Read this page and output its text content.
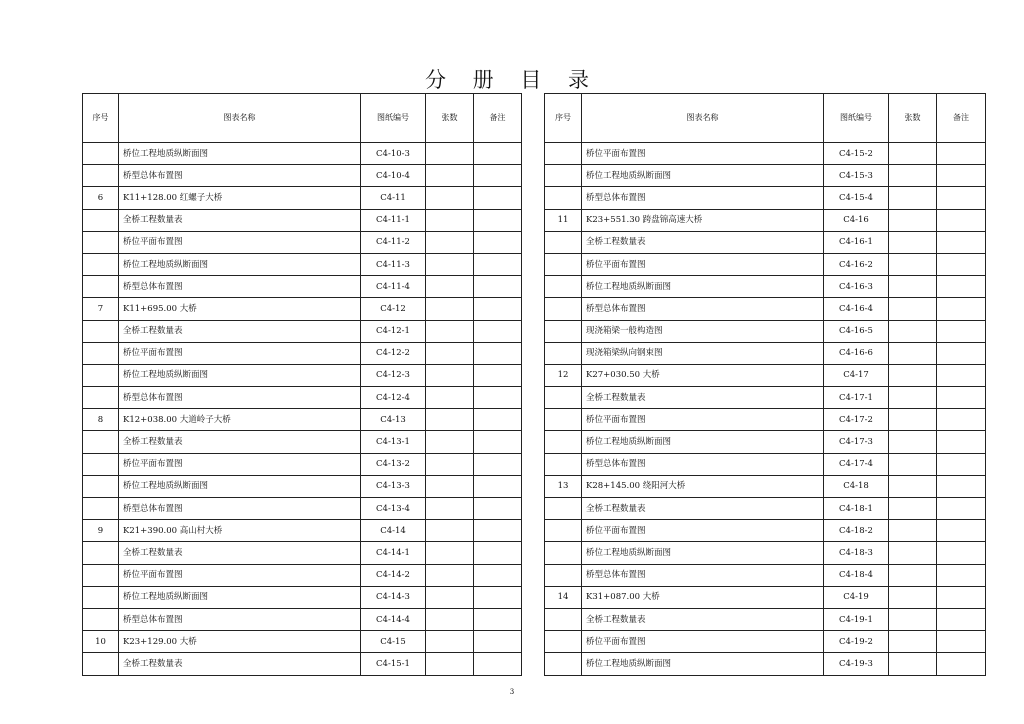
分 册 目 录
序号	图表名称	图纸编号	张数	备注
	桥位工程地质纵断面图	C4-10-3		
	桥型总体布置图	C4-10-4		
6	K11+128.00 红螺子大桥	C4-11		
	全桥工程数量表	C4-11-1		
	桥位平面布置图	C4-11-2		
	桥位工程地质纵断面图	C4-11-3		
	桥型总体布置图	C4-11-4		
7	K11+695.00 大桥	C4-12		
	全桥工程数量表	C4-12-1		
	桥位平面布置图	C4-12-2		
	桥位工程地质纵断面图	C4-12-3		
	桥型总体布置图	C4-12-4		
8	K12+038.00 大道岭子大桥	C4-13		
	全桥工程数量表	C4-13-1		
	桥位平面布置图	C4-13-2		
	桥位工程地质纵断面图	C4-13-3		
	桥型总体布置图	C4-13-4		
9	K21+390.00 高山村大桥	C4-14		
	全桥工程数量表	C4-14-1		
	桥位平面布置图	C4-14-2		
	桥位工程地质纵断面图	C4-14-3		
	桥型总体布置图	C4-14-4		
10	K23+129.00 大桥	C4-15		
	全桥工程数量表	C4-15-1		
序号	图表名称	图纸编号	张数	备注
	桥位平面布置图	C4-15-2		
	桥位工程地质纵断面图	C4-15-3		
	桥型总体布置图	C4-15-4		
11	K23+551.30 跨盘锦高速大桥	C4-16		
	全桥工程数量表	C4-16-1		
	桥位平面布置图	C4-16-2		
	桥位工程地质纵断面图	C4-16-3		
	桥型总体布置图	C4-16-4		
	现浇箱梁一般构造图	C4-16-5		
	现浇箱梁纵向钢束图	C4-16-6		
12	K27+030.50 大桥	C4-17		
	全桥工程数量表	C4-17-1		
	桥位平面布置图	C4-17-2		
	桥位工程地质纵断面图	C4-17-3		
	桥型总体布置图	C4-17-4		
13	K28+145.00 绕阳河大桥	C4-18		
	全桥工程数量表	C4-18-1		
	桥位平面布置图	C4-18-2		
	桥位工程地质纵断面图	C4-18-3		
	桥型总体布置图	C4-18-4		
14	K31+087.00 大桥	C4-19		
	全桥工程数量表	C4-19-1		
	桥位平面布置图	C4-19-2		
	桥位工程地质纵断面图	C4-19-3		
3
